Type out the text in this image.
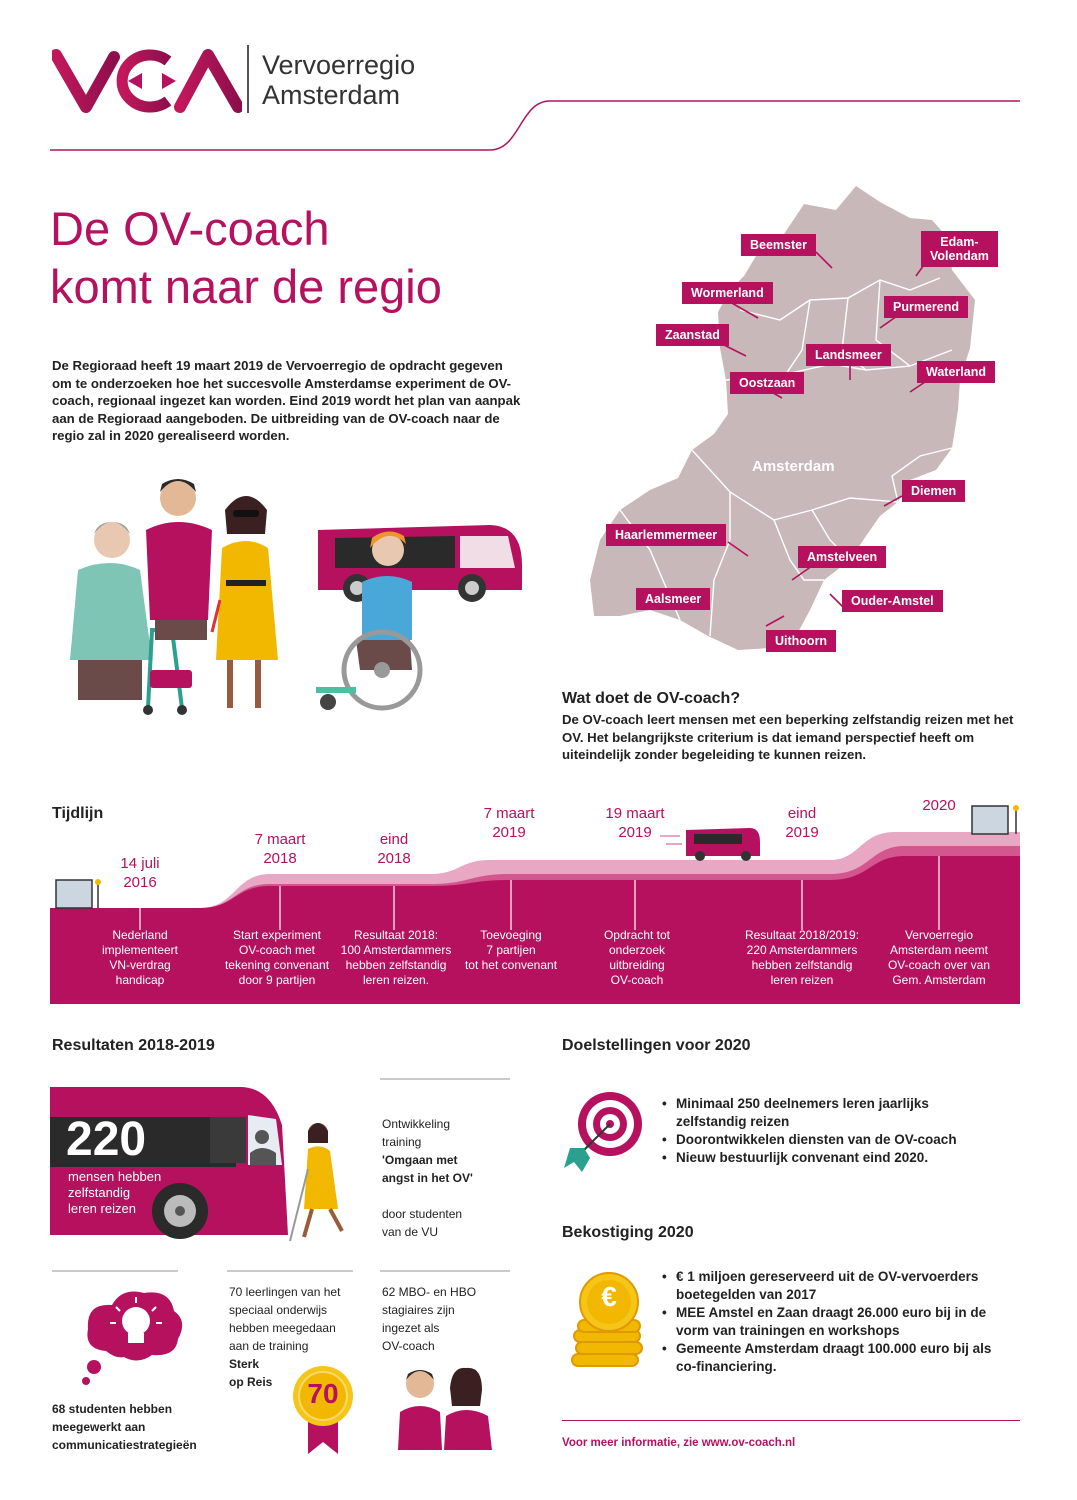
Vervoerregio
Amsterdam
De OV-coach
komt naar de regio
De Regioraad heeft 19 maart 2019 de Vervoerregio de opdracht gegeven om te onderzoeken hoe het succesvolle Amsterdamse experiment de OV-coach, regionaal ingezet kan worden. Eind 2019 wordt het plan van aanpak aan de Regioraad aangeboden. De uitbreiding van de OV-coach naar de regio zal in 2020 gerealiseerd worden.
Amsterdam
Beemster	Edam-
Volendam
Wormerland
Purmerend
Zaanstad
Landsmeer
Waterland
Oostzaan
Diemen
Haarlemmermeer
Amstelveen
Aalsmeer	Ouder-Amstel
Uithoorn
Wat doet de OV-coach?
De OV-coach leert mensen met een beperking zelfstandig reizen met het OV. Het belangrijkste criterium is dat iemand perspectief heeft om uiteindelijk zonder begeleiding te kunnen reizen.
Tijdlijn
14 juli
2016
7 maart
2018
eind
2018
7 maart
2019
19 maart
2019
eind
2019
2020
Nederland
implementeert
VN-verdrag
handicap
Start experiment
OV-coach met
tekening convenant
door 9 partijen
Resultaat 2018:
100 Amsterdammers
hebben zelfstandig
leren reizen.
Toevoeging
7 partijen
tot het convenant
Opdracht tot
onderzoek
uitbreiding
OV-coach
Resultaat 2018/2019:
220 Amsterdammers
hebben zelfstandig
leren reizen
Vervoerregio
Amsterdam neemt
OV-coach over van
Gem. Amsterdam
Resultaten 2018-2019
220
mensen hebben
zelfstandig
leren reizen

Ontwikkeling
training

'Omgaan met
angst in het OV'

door studenten
van de VU

68 studenten hebben
meegewerkt aan
communicatiestrategieën
70 leerlingen van het
speciaal onderwijs
hebben meegedaan
aan de training
Sterk
op Reis	70
62 MBO- en HBO
stagiaires zijn
ingezet als
OV-coach
Doelstellingen voor 2020
• Minimaal 250 deelnemers leren jaarlijks zelfstandig reizen
• Doorontwikkelen diensten van de OV-coach
• Nieuw bestuurlijk convenant eind 2020.
Bekostiging 2020
€
• € 1 miljoen gereserveerd uit de OV-vervoerders boetegelden van 2017
• MEE Amstel en Zaan draagt 26.000 euro bij in de vorm van trainingen en workshops
• Gemeente Amsterdam draagt 100.000 euro bij als co-financiering.
Voor meer informatie, zie www.ov-coach.nl
